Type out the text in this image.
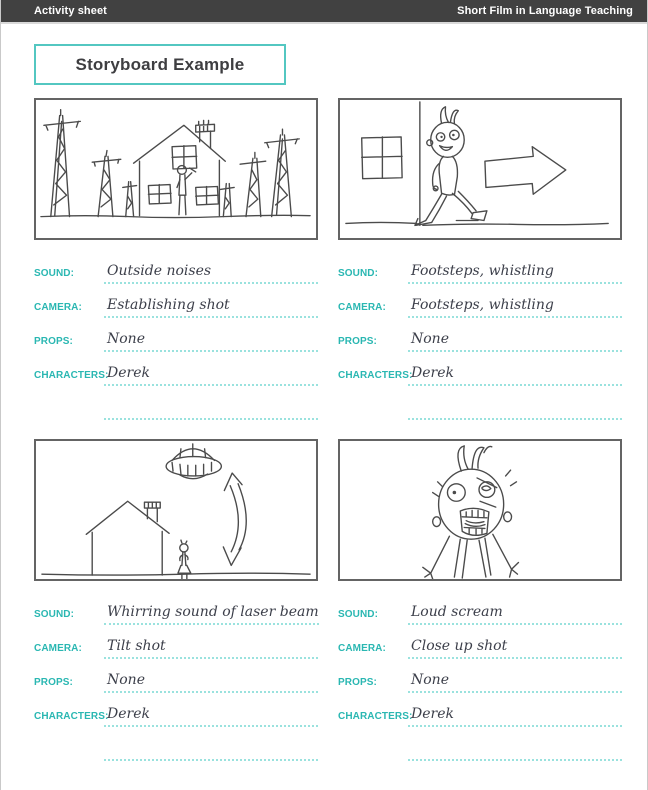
Activity sheet	Short Film in Language Teaching
Storyboard Example
SOUND:	Outside noises
CAMERA:	Establishing shot
PROPS:	None
CHARACTERS:
Derek
SOUND:	Footsteps, whistling
CAMERA:	Footsteps, whistling
PROPS:	None
CHARACTERS:
Derek
SOUND:	Whirring sound of laser beam
CAMERA:	Tilt shot
PROPS:	None
CHARACTERS:
Derek
SOUND:	Loud scream
CAMERA:	Close up shot
PROPS:	None
CHARACTERS:
Derek
